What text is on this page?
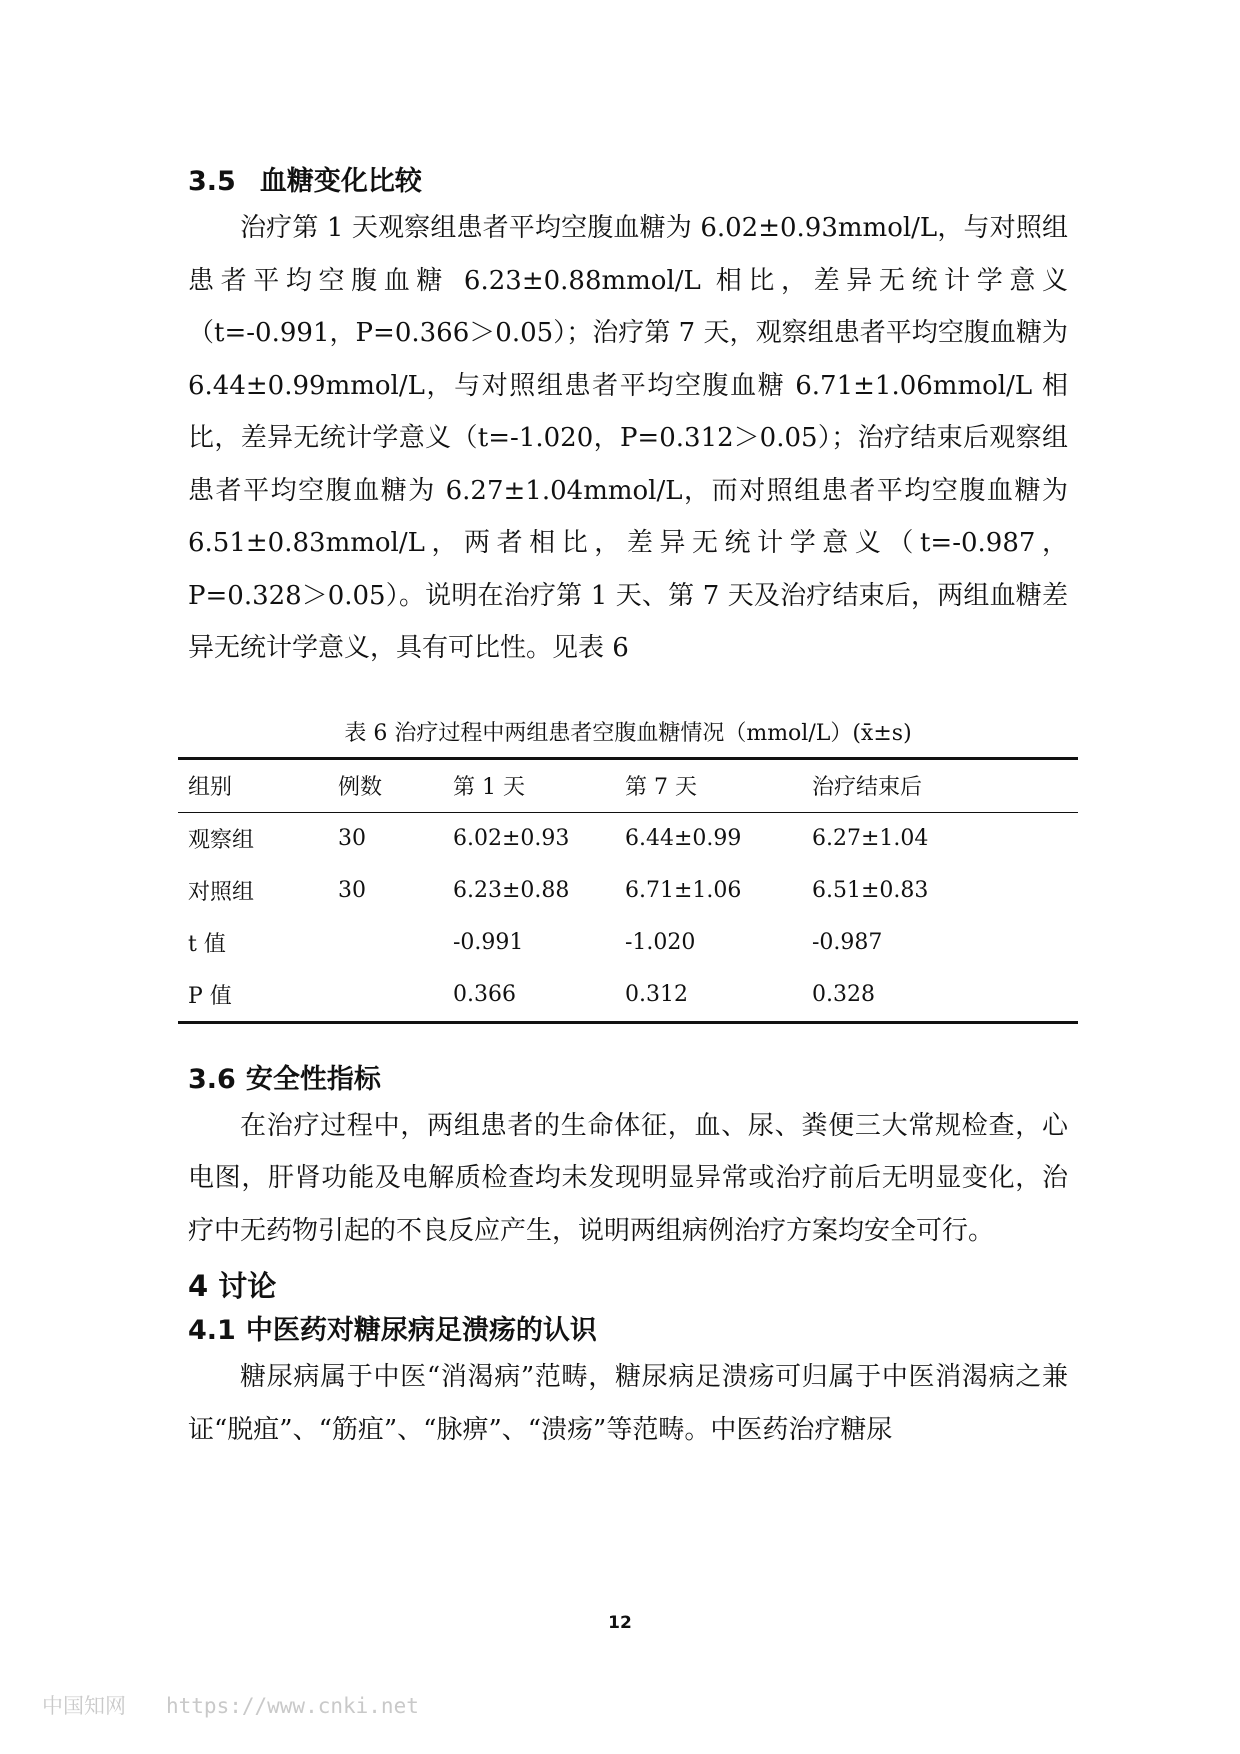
3.5 血糖变化比较

治疗第 1 天观察组患者平均空腹血糖为 6.02±0.93mmol/L，与对照组患者平均空腹血糖 6.23±0.88mmol/L 相比，差异无统计学意义（t=-0.991，P=0.366＞0.05）；治疗第 7 天，观察组患者平均空腹血糖为 6.44±0.99mmol/L，与对照组患者平均空腹血糖 6.71±1.06mmol/L 相比，差异无统计学意义（t=-1.020，P=0.312＞0.05）；治疗结束后观察组患者平均空腹血糖为 6.27±1.04mmol/L，而对照组患者平均空腹血糖为 6.51±0.83mmol/L，两者相比，差异无统计学意义（t=-0.987，P=0.328＞0.05）。说明在治疗第 1 天、第 7 天及治疗结束后，两组血糖差异无统计学意义，具有可比性。见表 6

表 6 治疗过程中两组患者空腹血糖情况（mmol/L）(x̄±s)
组别	例数	第 1 天	第 7 天	治疗结束后
观察组	30	6.02±0.93	6.44±0.99	6.27±1.04
对照组	30	6.23±0.88	6.71±1.06	6.51±0.83
t 值		-0.991	-1.020	-0.987
P 值		0.366	0.312	0.328
3.6 安全性指标

在治疗过程中，两组患者的生命体征，血、尿、粪便三大常规检查，心电图，肝肾功能及电解质检查均未发现明显异常或治疗前后无明显变化，治疗中无药物引起的不良反应产生，说明两组病例治疗方案均安全可行。

4 讨论
4.1 中医药对糖尿病足溃疡的认识

糖尿病属于中医“消渴病”范畴，糖尿病足溃疡可归属于中医消渴病之兼证“脱疽”、“筋疽”、“脉痹”、“溃疡”等范畴。中医药治疗糖尿

12
中国知网 https://www.cnki.net
